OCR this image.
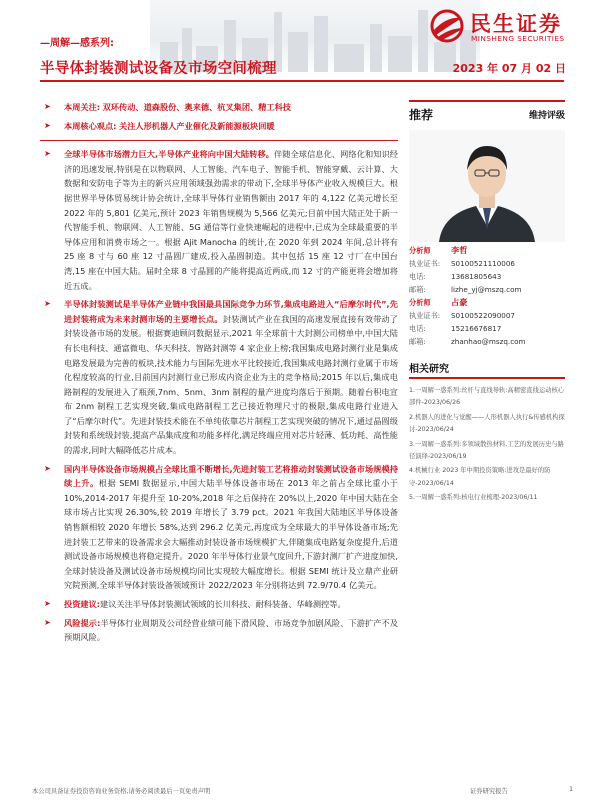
民生证券
MINSHENG SECURITIES
—周解—感系列:
半导体封装测试设备及市场空间梳理	2023 年 07 月 02 日
➤ 本周关注: 双环传动、道森股份、奥来德、杭叉集团、精工科技
➤ 本周核心观点: 关注人形机器人产业催化及新能源板块回暖
➤ 全球半导体市场潜力巨大,半导体产业将向中国大陆转移。伴随全球信息化、网络化和知识经济的迅速发展,特别是在以物联网、人工智能、汽车电子、智能手机、智能穿戴、云计算、大数据和安防电子等为主的新兴应用领域强劲需求的带动下,全球半导体产业收入规模巨大。根据世界半导体贸易统计协会统计,全球半导体行业销售额由 2017 年的 4,122 亿美元增长至 2022 年的 5,801 亿美元,预计 2023 年销售规模为 5,566 亿美元;目前中国大陆正处于新一代智能手机、物联网、人工智能、5G 通信等行业快速崛起的进程中,已成为全球最重要的半导体应用和消费市场之一。根据 Ajit Manocha 的统计,在 2020 年到 2024 年间,总计将有 25 座 8 寸与 60 座 12 寸晶圆厂建成,投入晶圆制造。其中包括 15 座 12 寸厂在中国台湾,15 座在中国大陆。届时全球 8 寸晶圆的产能将提高近两成,而 12 寸的产能更将会增加将近五成。
➤ 半导体封装测试是半导体产业链中我国最具国际竞争力环节,集成电路进入“后摩尔时代”,先进封装将成为未来封测市场的主要增长点。封装测试产业在我国的高速发展直接有效带动了封装设备市场的发展。根据赛迪顾问数据显示,2021 年全球前十大封测公司榜单中,中国大陆有长电科技、通富微电、华天科技、智路封测等 4 家企业上榜;我国集成电路封测行业是集成电路发展最为完善的板块,技术能力与国际先进水平比较接近,我国集成电路封测行业属于市场化程度较高的行业,目前国内封测行业已形成内资企业为主的竞争格局;2015 年以后,集成电路制程的发展进入了瓶颈,7nm、5nm、3nm 制程的量产进度均落后于预期。随着台积电宣布 2nm 制程工艺实现突破,集成电路制程工艺已接近物理尺寸的极限,集成电路行业进入了“后摩尔时代”。先进封装技术能在不单纯依靠芯片制程工艺实现突破的情况下,通过晶圆级封装和系统级封装,提高产品集成度和功能多样化,满足终端应用对芯片轻薄、低功耗、高性能的需求,同时大幅降低芯片成本。
➤ 国内半导体设备市场规模占全球比重不断增长,先进封装工艺将推动封装测试设备市场规模持续上升。根据 SEMI 数据显示,中国大陆半导体设备市场在 2013 年之前占全球比重小于 10%,2014-2017 年提升至 10-20%,2018 年之后保持在 20%以上,2020 年中国大陆在全球市场占比实现 26.30%,较 2019 年增长了 3.79 pct。2021 年我国大陆地区半导体设备销售额相较 2020 年增长 58%,达到 296.2 亿美元,再度成为全球最大的半导体设备市场;先进封装工艺带来的设备需求会大幅推动封装设备市场规模扩大,伴随集成电路复杂度提升,后道测试设备市场规模也将稳定提升。2020 年半导体行业景气度回升,下游封测厂扩产进度加快,全球封装设备及测试设备市场规模均同比实现较大幅度增长。根据 SEMI 统计及立鼎产业研究院预测,全球半导体封装设备领域预计 2022/2023 年分别将达到 72.9/70.4 亿美元。
➤ 投资建议:建议关注半导体封装测试领域的长川科技、耐科装备、华峰测控等。
➤ 风险提示:半导体行业周期及公司经营业绩可能下滑风险、市场竞争加剧风险、下游扩产不及预期风险。
推荐	维持评级
分析师	李哲
执业证书:	S0100521110006
电话:	13681805643
邮箱:	lizhe_yj@mszq.com
分析师	占豪
执业证书:	S0100522090007
电话:	15216676817
邮箱:	zhanhao@mszq.com
相关研究
1.一周解一惑系列:丝杆与直线导轨:高精密直线运动核心部件-2023/06/26
2.机器人的进化与觉醒——人形机器人执行&传感机构探讨-2023/06/24
3.一周解一惑系列:多领域散热材料,工艺的发展历史与路径演绎-2023/06/19
4.机械行业 2023 年中期投资策略:进攻是最好的防守-2023/06/14
5.一周解一惑系列:核电行业梳理-2023/06/11
本公司具备证券投资咨询业务资格,请务必阅读最后一页免责声明	证券研究报告	1
